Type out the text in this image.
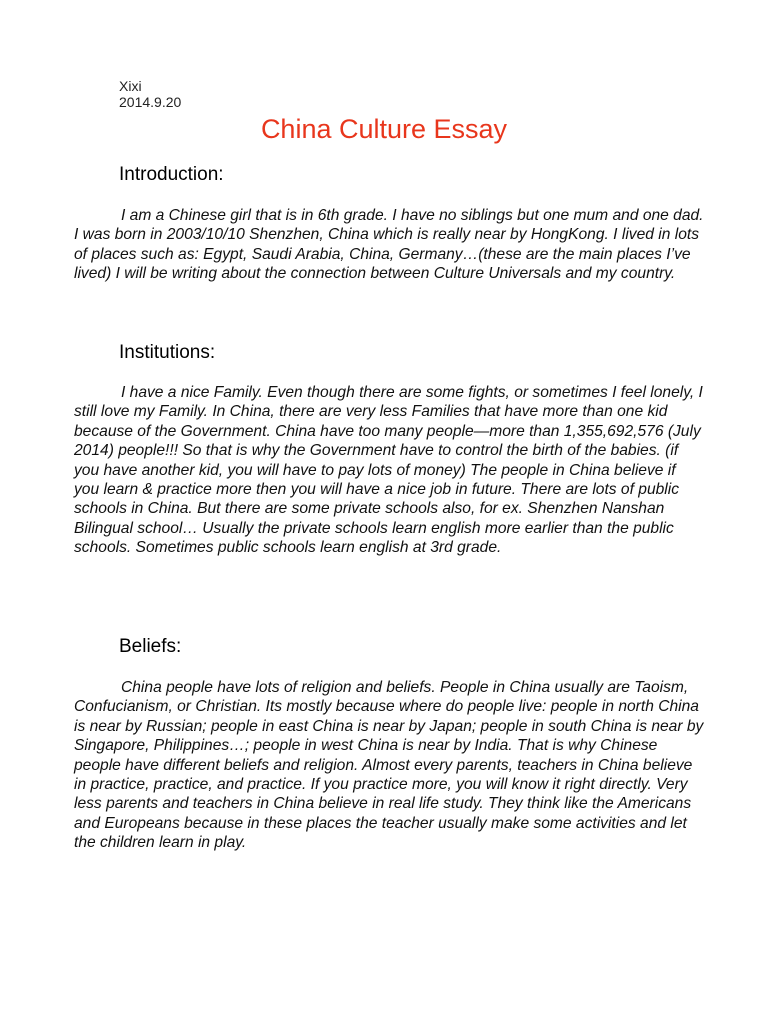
Xixi
2014.9.20
China Culture Essay
Introduction:

I am a Chinese girl that is in 6th grade. I have no siblings but one mum and one dad. I was born in 2003/10/10 Shenzhen, China which is really near by HongKong. I lived in lots of places such as: Egypt, Saudi Arabia, China, Germany…(these are the main places I’ve lived) I will be writing about the connection between Culture Universals and my country.

Institutions:

I have a nice Family. Even though there are some fights, or sometimes I feel lonely, I still love my Family. In China, there are very less Families that have more than one kid because of the Government. China have too many people—more than 1,355,692,576 (July 2014) people!!! So that is why the Government have to control the birth of the babies. (if you have another kid, you will have to pay lots of money) The people in China believe if you learn & practice more then you will have a nice job in future. There are lots of public schools in China. But there are some private schools also, for ex. Shenzhen Nanshan Bilingual school… Usually the private schools learn english more earlier than the public schools. Sometimes public schools learn english at 3rd grade.

Beliefs:

China people have lots of religion and beliefs. People in China usually are Taoism, Confucianism, or Christian. Its mostly because where do people live: people in north China is near by Russian; people in east China is near by Japan; people in south China is near by Singapore, Philippines…; people in west China is near by India. That is why Chinese people have different beliefs and religion. Almost every parents, teachers in China believe in practice, practice, and practice. If you practice more, you will know it right directly. Very less parents and teachers in China believe in real life study. They think like the Americans and Europeans because in these places the teacher usually make some activities and let the children learn in play.
